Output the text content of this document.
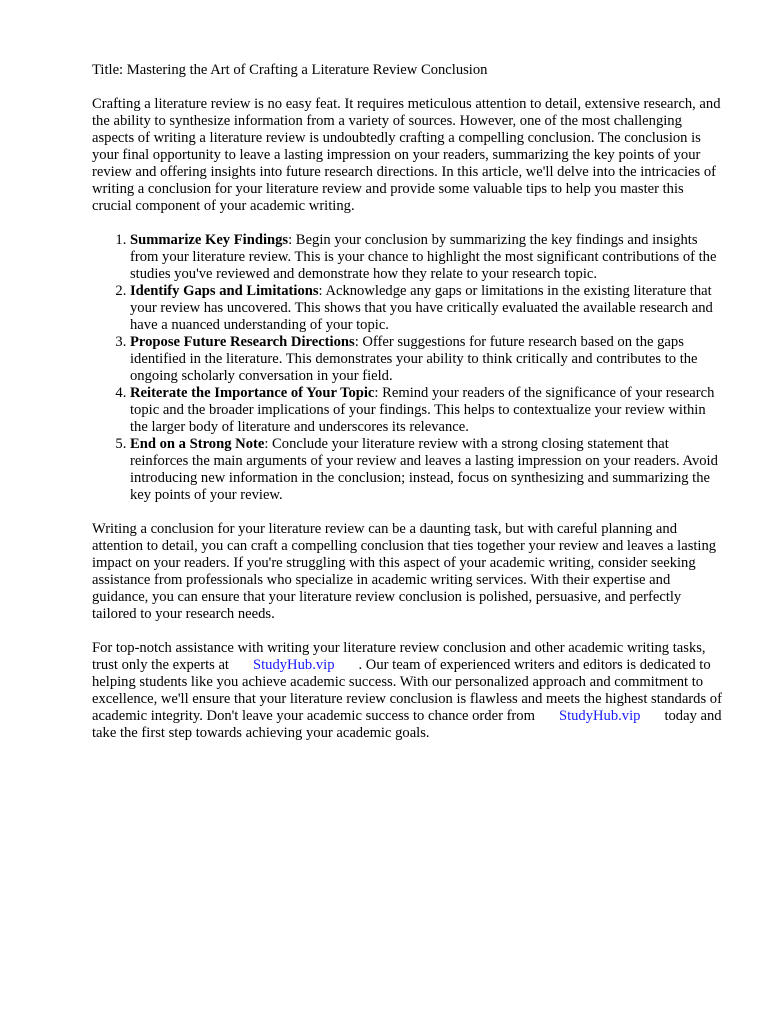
Title: Mastering the Art of Crafting a Literature Review Conclusion

Crafting a literature review is no easy feat. It requires meticulous attention to detail, extensive research, and the ability to synthesize information from a variety of sources. However, one of the most challenging aspects of writing a literature review is undoubtedly crafting a compelling conclusion. The conclusion is your final opportunity to leave a lasting impression on your readers, summarizing the key points of your review and offering insights into future research directions. In this article, we'll delve into the intricacies of writing a conclusion for your literature review and provide some valuable tips to help you master this crucial component of your academic writing.

1. Summarize Key Findings: Begin your conclusion by summarizing the key findings and insights from your literature review. This is your chance to highlight the most significant contributions of the studies you've reviewed and demonstrate how they relate to your research topic.
2. Identify Gaps and Limitations: Acknowledge any gaps or limitations in the existing literature that your review has uncovered. This shows that you have critically evaluated the available research and have a nuanced understanding of your topic.
3. Propose Future Research Directions: Offer suggestions for future research based on the gaps identified in the literature. This demonstrates your ability to think critically and contributes to the ongoing scholarly conversation in your field.
4. Reiterate the Importance of Your Topic: Remind your readers of the significance of your research topic and the broader implications of your findings. This helps to contextualize your review within the larger body of literature and underscores its relevance.
5. End on a Strong Note: Conclude your literature review with a strong closing statement that reinforces the main arguments of your review and leaves a lasting impression on your readers. Avoid introducing new information in the conclusion; instead, focus on synthesizing and summarizing the key points of your review.

Writing a conclusion for your literature review can be a daunting task, but with careful planning and attention to detail, you can craft a compelling conclusion that ties together your review and leaves a lasting impact on your readers. If you're struggling with this aspect of your academic writing, consider seeking assistance from professionals who specialize in academic writing services. With their expertise and guidance, you can ensure that your literature review conclusion is polished, persuasive, and perfectly tailored to your research needs.

For top-notch assistance with writing your literature review conclusion and other academic writing tasks, trust only the experts at StudyHub.vip . Our team of experienced writers and editors is dedicated to helping students like you achieve academic success. With our personalized approach and commitment to excellence, we'll ensure that your literature review conclusion is flawless and meets the highest standards of academic integrity. Don't leave your academic success to chance order from StudyHub.vip today and take the first step towards achieving your academic goals.
